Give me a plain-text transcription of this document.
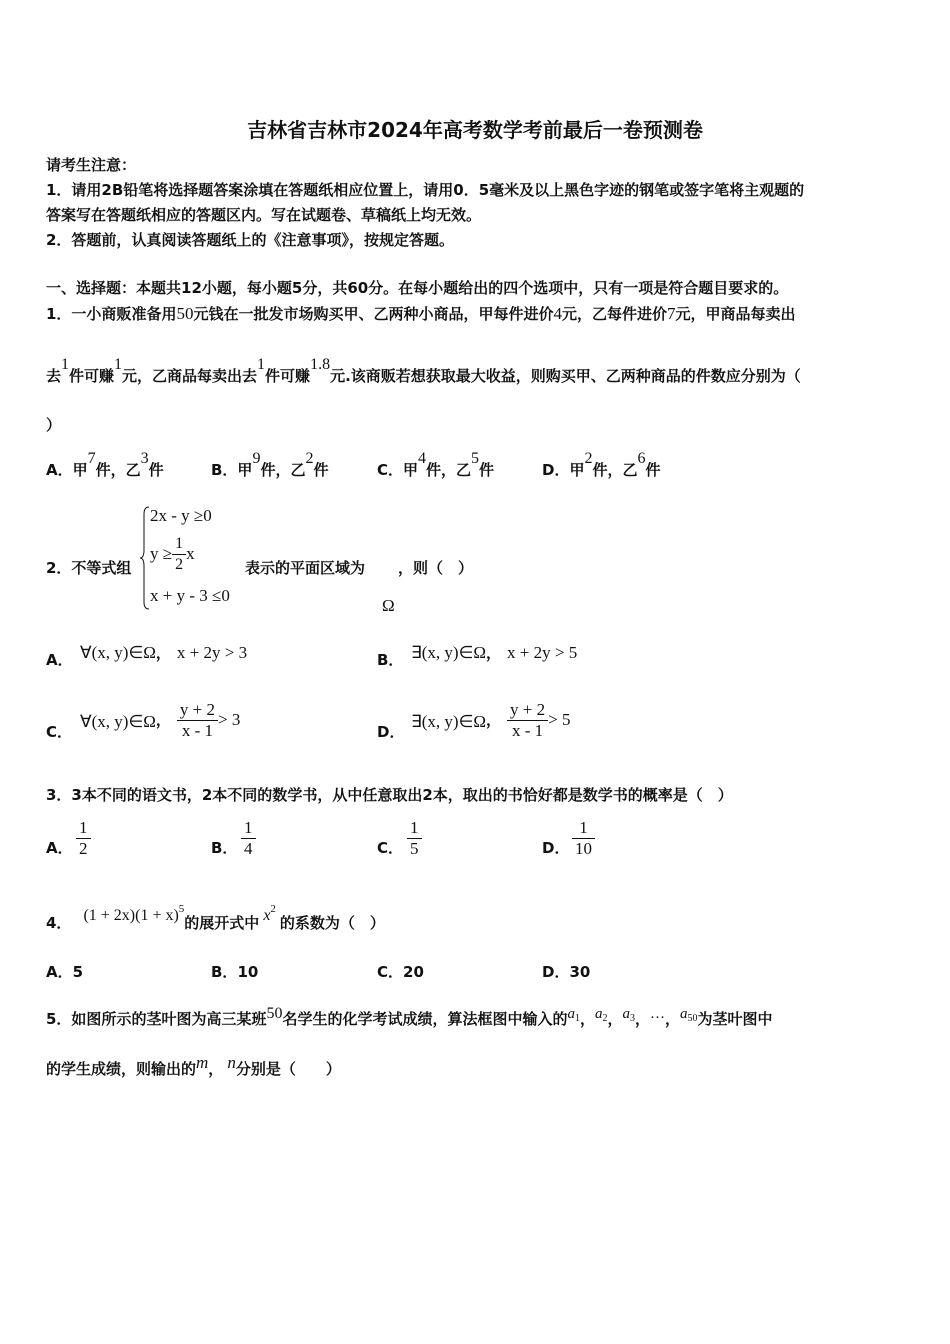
吉林省吉林市2024年高考数学考前最后一卷预测卷
请考生注意：
1．请用2B铅笔将选择题答案涂填在答题纸相应位置上，请用0．5毫米及以上黑色字迹的钢笔或签字笔将主观题的
答案写在答题纸相应的答题区内。写在试题卷、草稿纸上均无效。
2．答题前，认真阅读答题纸上的《注意事项》，按规定答题。
一、选择题：本题共12小题，每小题5分，共60分。在每小题给出的四个选项中，只有一项是符合题目要求的。
1．一小商贩准备用50元钱在一批发市场购买甲、乙两种小商品，甲每件进价4元，乙每件进价7元，甲商品每卖出
去1件可赚1元，乙商品每卖出去1件可赚1.8元.该商贩若想获取最大收益，则购买甲、乙两种商品的件数应分别为（
）
A．甲7件，乙3件	B．甲9件，乙2件	C．甲4件，乙5件	D．甲2件，乙6件
2．不等式组
2x - y ≥0
$y \ge \frac{1}{2}$ x
x + y - 3 ≤0
表示的平面区域为 ，则（　）
Ω
A． ∀(x, y)∈Ω， x + 2y > 3	B． ∃(x, y)∈Ω， x + 2y > 5
C．∀(x, y)∈Ω， $\frac{y + 2}{x - 1} > 3$
D．∃(x, y)∈Ω， $\frac{y + 2}{x - 1} > 5$
3．3本不同的语文书，2本不同的数学书，从中任意取出2本，取出的书恰好都是数学书的概率是（　）
A． $\frac{1}{2}$	B． $\frac{1}{4}$	C． $\frac{1}{5}$	D． $\frac{1}{10}$
4． $(1 + 2x)(1 + x)^5$的展开式中 $x^2$的系数为（　）
A．5	B．10	C．20	D．30
5．如图所示的茎叶图为高三某班50名学生的化学考试成绩，算法框图中输入的$a^1$，$a^2$，$a^3$，…，$a^{50}$为茎叶图中
的学生成绩，则输出的m， n分别是（　　）
